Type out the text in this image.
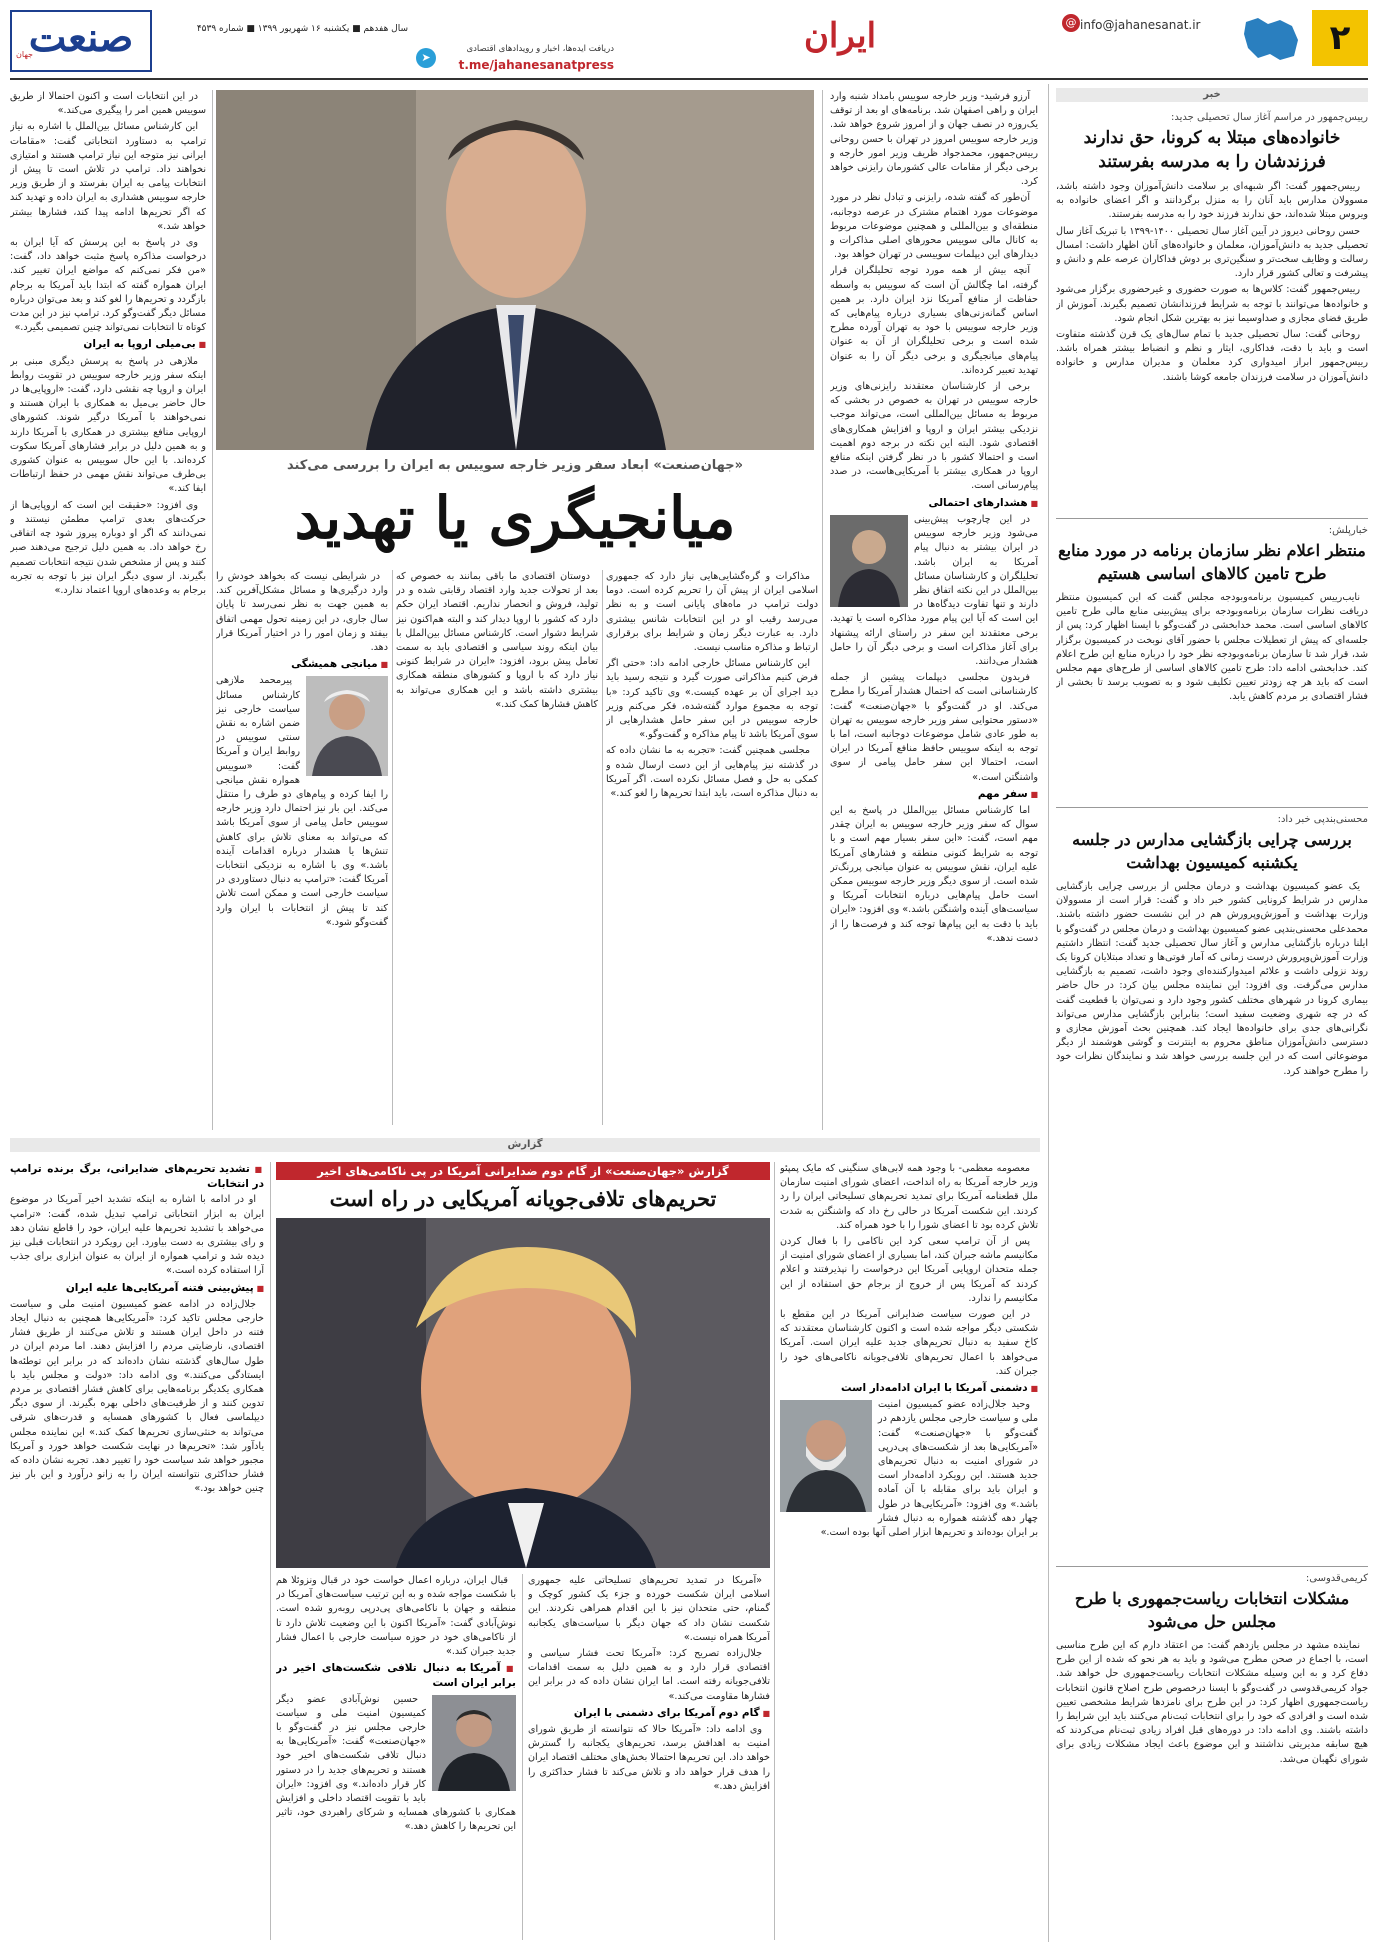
۲
info@jahanesanat.ir
@
ایران
دریافت ایده‌ها، اخبار و رویدادهای اقتصادی
t.me/jahanesanatpress
➤
سال هفدهم ■ یکشنبه ۱۶ شهریور ۱۳۹۹ ■ شماره ۴۵۳۹
صنعت
جهان
خبر
رییس‌جمهور در مراسم آغاز سال تحصیلی جدید:
خانواده‌های مبتلا به کرونا، حق ندارند فرزندشان را به مدرسه بفرستند

رییس‌جمهور گفت: اگر شبهه‌ای بر سلامت دانش‌آموزان وجود داشته باشد، مسوولان مدارس باید آنان را به منزل برگردانند و اگر اعضای خانواده به ویروس مبتلا شده‌اند، حق ندارند فرزند خود را به مدرسه بفرستند.

حسن روحانی دیروز در آیین آغاز سال تحصیلی ۱۴۰۰-۱۳۹۹ با تبریک آغاز سال تحصیلی جدید به دانش‌آموزان، معلمان و خانواده‌های آنان اظهار داشت: امسال رسالت و وظایف سخت‌تر و سنگین‌تری بر دوش فداکاران عرصه علم و دانش و پیشرفت و تعالی کشور قرار دارد.

رییس‌جمهور گفت: کلاس‌ها به صورت حضوری و غیرحضوری برگزار می‌شود و خانواده‌ها می‌توانند با توجه به شرایط فرزندانشان تصمیم بگیرند. آموزش از طریق فضای مجازی و صداوسیما نیز به بهترین شکل انجام شود.

روحانی گفت: سال تحصیلی جدید با تمام سال‌های یک قرن گذشته متفاوت است و باید با دقت، فداکاری، ایثار و نظم و انضباط بیشتر همراه باشد. رییس‌جمهور ابراز امیدواری کرد معلمان و مدیران مدارس و خانواده دانش‌آموزان در سلامت فرزندان جامعه کوشا باشند.

خبارپلش:
منتظر اعلام نظر سازمان برنامه در مورد منابع طرح تامین کالاهای اساسی هستیم

نایب‌رییس کمیسیون برنامه‌وبودجه مجلس گفت که این کمیسیون منتظر دریافت نظرات سازمان برنامه‌وبودجه برای پیش‌بینی منابع مالی طرح تامین کالاهای اساسی است. محمد خدابخشی در گفت‌وگو با ایسنا اظهار کرد: پس از جلسه‌ای که پیش از تعطیلات مجلس با حضور آقای نوبخت در کمیسیون برگزار شد، قرار شد تا سازمان برنامه‌وبودجه نظر خود را درباره منابع این طرح اعلام کند. خدابخشی ادامه داد: طرح تامین کالاهای اساسی از طرح‌های مهم مجلس است که باید هر چه زودتر تعیین تکلیف شود و به تصویب برسد تا بخشی از فشار اقتصادی بر مردم کاهش یابد.

محسنی‌بندپی خبر داد:
بررسی چرایی بازگشایی مدارس در جلسه یکشنبه کمیسیون بهداشت

یک عضو کمیسیون بهداشت و درمان مجلس از بررسی چرایی بازگشایی مدارس در شرایط کرونایی کشور خبر داد و گفت: قرار است از مسوولان وزارت بهداشت و آموزش‌وپرورش هم در این نشست حضور داشته باشند. محمدعلی محسنی‌بندپی عضو کمیسیون بهداشت و درمان مجلس در گفت‌وگو با ایلنا درباره بازگشایی مدارس و آغاز سال تحصیلی جدید گفت: انتظار داشتیم وزارت آموزش‌وپرورش درست زمانی که آمار فوتی‌ها و تعداد مبتلایان کرونا یک روند نزولی داشت و علائم امیدوارکننده‌ای وجود داشت، تصمیم به بازگشایی مدارس می‌گرفت. وی افزود: این نماینده مجلس بیان کرد: در حال حاضر بیماری کرونا در شهرهای مختلف کشور وجود دارد و نمی‌توان با قطعیت گفت که در چه شهری وضعیت سفید است؛ بنابراین بازگشایی مدارس می‌تواند نگرانی‌های جدی برای خانواده‌ها ایجاد کند. همچنین بحث آموزش مجازی و دسترسی دانش‌آموزان مناطق محروم به اینترنت و گوشی هوشمند از دیگر موضوعاتی است که در این جلسه بررسی خواهد شد و نمایندگان نظرات خود را مطرح خواهند کرد.

کریمی‌قدوسی:
مشکلات انتخابات ریاست‌جمهوری با طرح مجلس حل می‌شود

نماینده مشهد در مجلس یازدهم گفت: من اعتقاد دارم که این طرح مناسبی است، با اجماع در صحن مطرح می‌شود و باید به هر نحو که شده از این طرح دفاع کرد و به این وسیله مشکلات انتخابات ریاست‌جمهوری حل خواهد شد. جواد کریمی‌قدوسی در گفت‌وگو با ایسنا درخصوص طرح اصلاح قانون انتخابات ریاست‌جمهوری اظهار کرد: در این طرح برای نامزدها شرایط مشخصی تعیین شده است و افرادی که خود را برای انتخابات ثبت‌نام می‌کنند باید این شرایط را داشته باشند. وی ادامه داد: در دوره‌های قبل افراد زیادی ثبت‌نام می‌کردند که هیچ سابقه مدیریتی نداشتند و این موضوع باعث ایجاد مشکلات زیادی برای شورای نگهبان می‌شد.

آرزو فرشید- وزیر خارجه سوییس بامداد شنبه وارد ایران و راهی اصفهان شد. برنامه‌های او بعد از توقف یک‌روزه در نصف جهان و از امروز شروع خواهد شد. وزیر خارجه سوییس امروز در تهران با حسن روحانی رییس‌جمهور، محمدجواد ظریف وزیر امور خارجه و برخی دیگر از مقامات عالی کشورمان رایزنی خواهد کرد.

آن‌طور که گفته شده، رایزنی و تبادل نظر در مورد موضوعات مورد اهتمام مشترک در عرصه دوجانبه، منطقه‌ای و بین‌المللی و همچنین موضوعات مربوط به کانال مالی سوییس محورهای اصلی مذاکرات و دیدارهای این دیپلمات سوییسی در تهران خواهد بود.

آنچه بیش از همه مورد توجه تحلیلگران قرار گرفته، اما چگالش آن است که سوییس به واسطه حفاظت از منافع آمریکا نزد ایران دارد. بر همین اساس گمانه‌زنی‌های بسیاری درباره پیام‌هایی که وزیر خارجه سوییس با خود به تهران آورده مطرح شده است و برخی تحلیلگران از آن به عنوان پیام‌های میانجیگری و برخی دیگر آن را به عنوان تهدید تعبیر کرده‌اند.

برخی از کارشناسان معتقدند رایزنی‌های وزیر خارجه سوییس در تهران به خصوص در بخشی که مربوط به مسائل بین‌المللی است، می‌تواند موجب نزدیکی بیشتر ایران و اروپا و افزایش همکاری‌های اقتصادی شود. البته این نکته در برجه دوم اهمیت است و احتمالا کشور با در نظر گرفتن اینکه منافع اروپا در همکاری بیشتر با آمریکایی‌هاست، در صدد پیام‌رسانی است.

■ هشدارهای احتمالی

در این چارچوب پیش‌بینی می‌شود وزیر خارجه سوییس در ایران بیشتر به دنبال پیام آمریکا به ایران باشد. تحلیلگران و کارشناسان مسائل بین‌الملل در این نکته اتفاق نظر دارند و تنها تفاوت دیدگاه‌ها در این است که آیا این پیام مورد مذاکره است یا تهدید. برخی معتقدند این سفر در راستای ارائه پیشنهاد برای آغاز مذاکرات است و برخی دیگر آن را حامل هشدار می‌دانند.

فریدون مجلسی دیپلمات پیشین از جمله کارشناسانی است که احتمال هشدار آمریکا را مطرح می‌کند. او در گفت‌وگو با «جهان‌صنعت» گفت: «دستور محتوایی سفر وزیر خارجه سوییس به تهران به طور عادی شامل موضوعات دوجانبه است، اما با توجه به اینکه سوییس حافظ منافع آمریکا در ایران است، احتمالا این سفر حامل پیامی از سوی واشنگتن است.»

■ سفر مهم

اما کارشناس مسائل بین‌الملل در پاسخ به این سوال که سفر وزیر خارجه سوییس به ایران چقدر مهم است، گفت: «این سفر بسیار مهم است و با توجه به شرایط کنونی منطقه و فشارهای آمریکا علیه ایران، نقش سوییس به عنوان میانجی پررنگ‌تر شده است. از سوی دیگر وزیر خارجه سوییس ممکن است حامل پیام‌هایی درباره انتخابات آمریکا و سیاست‌های آینده واشنگتن باشد.» وی افزود: «ایران باید با دقت به این پیام‌ها توجه کند و فرصت‌ها را از دست ندهد.»

«جهان‌صنعت» ابعاد سفر وزیر خارجه سوییس به ایران را بررسی می‌کند
میانجیگری یا تهدید

مذاکرات و گره‌گشایی‌هایی نیاز دارد که جمهوری اسلامی ایران از پیش آن را تحریم کرده است. دوما دولت ترامپ در ماه‌های پایانی است و به نظر می‌رسد رقیب او در این انتخابات شانس بیشتری دارد. به عبارت دیگر زمان و شرایط برای برقراری ارتباط و مذاکره مناسب نیست.

این کارشناس مسائل خارجی ادامه داد: «حتی اگر فرض کنیم مذاکراتی صورت گیرد و نتیجه رسید باید دید اجرای آن بر عهده کیست.» وی تاکید کرد: «با توجه به مجموع موارد گفته‌شده، فکر می‌کنم وزیر خارجه سوییس در این سفر حامل هشدارهایی از سوی آمریکا باشد تا پیام مذاکره و گفت‌وگو.»

مجلسی همچنین گفت: «تجربه به ما نشان داده که در گذشته نیز پیام‌هایی از این دست ارسال شده و کمکی به حل و فصل مسائل نکرده است. اگر آمریکا به دنبال مذاکره است، باید ابتدا تحریم‌ها را لغو کند.»

دوستان اقتصادی ما باقی بمانند به خصوص که بعد از تحولات جدید وارد اقتصاد رقابتی شده و در تولید، فروش و انحصار نداریم. اقتصاد ایران حکم دارد که کشور با اروپا دیدار کند و البته هم‌اکنون نیز شرایط دشوار است. کارشناس مسائل بین‌الملل با بیان اینکه روند سیاسی و اقتصادی باید به سمت تعامل پیش برود، افزود: «ایران در شرایط کنونی نیاز دارد که با اروپا و کشورهای منطقه همکاری بیشتری داشته باشد و این همکاری می‌تواند به کاهش فشارها کمک کند.»

در شرایطی نیست که بخواهد خودش را وارد درگیری‌ها و مسائل مشکل‌آفرین کند. به همین جهت به نظر نمی‌رسد تا پایان سال جاری، در این زمینه تحول مهمی اتفاق بیفتد و زمان امور را در اختیار آمریکا قرار دهد.

■ میانجی همیشگی

پیرمحمد ملازهی کارشناس مسائل سیاست خارجی نیز ضمن اشاره به نقش سنتی سوییس در روابط ایران و آمریکا گفت: «سوییس همواره نقش میانجی را ایفا کرده و پیام‌های دو طرف را منتقل می‌کند. این بار نیز احتمال دارد وزیر خارجه سوییس حامل پیامی از سوی آمریکا باشد که می‌تواند به معنای تلاش برای کاهش تنش‌ها یا هشدار درباره اقدامات آینده باشد.» وی با اشاره به نزدیکی انتخابات آمریکا گفت: «ترامپ به دنبال دستاوردی در سیاست خارجی است و ممکن است تلاش کند تا پیش از انتخابات با ایران وارد گفت‌وگو شود.»

در این انتخابات است و اکنون احتمالا از طریق سوییس همین امر را پیگیری می‌کند.»

این کارشناس مسائل بین‌الملل با اشاره به نیاز ترامپ به دستاورد انتخاباتی گفت: «مقامات ایرانی نیز متوجه این نیاز ترامپ هستند و امتیازی نخواهند داد. ترامپ در تلاش است تا پیش از انتخابات پیامی به ایران بفرستد و از طریق وزیر خارجه سوییس هشداری به ایران داده و تهدید کند که اگر تحریم‌ها ادامه پیدا کند، فشارها بیشتر خواهد شد.»

وی در پاسخ به این پرسش که آیا ایران به درخواست مذاکره پاسخ مثبت خواهد داد، گفت: «من فکر نمی‌کنم که مواضع ایران تغییر کند. ایران همواره گفته که ابتدا باید آمریکا به برجام بازگردد و تحریم‌ها را لغو کند و بعد می‌توان درباره مسائل دیگر گفت‌وگو کرد. ترامپ نیز در این مدت کوتاه تا انتخابات نمی‌تواند چنین تصمیمی بگیرد.»

■ بی‌میلی اروپا به ایران

ملازهی در پاسخ به پرسش دیگری مبنی بر اینکه سفر وزیر خارجه سوییس در تقویت روابط ایران و اروپا چه نقشی دارد، گفت: «اروپایی‌ها در حال حاضر بی‌میل به همکاری با ایران هستند و نمی‌خواهند با آمریکا درگیر شوند. کشورهای اروپایی منافع بیشتری در همکاری با آمریکا دارند و به همین دلیل در برابر فشارهای آمریکا سکوت کرده‌اند. با این حال سوییس به عنوان کشوری بی‌طرف می‌تواند نقش مهمی در حفظ ارتباطات ایفا کند.»

وی افزود: «حقیقت این است که اروپایی‌ها از حرکت‌های بعدی ترامپ مطمئن نیستند و نمی‌دانند که اگر او دوباره پیروز شود چه اتفاقی رخ خواهد داد. به همین دلیل ترجیح می‌دهند صبر کنند و پس از مشخص شدن نتیجه انتخابات تصمیم بگیرند. از سوی دیگر ایران نیز با توجه به تجربه برجام به وعده‌های اروپا اعتماد ندارد.»

گزارش
گزارش «جهان‌صنعت» از گام دوم ضدایرانی آمریکا در پی ناکامی‌های اخیر
تحریم‌های تلافی‌جویانه آمریکایی در راه است

معصومه معظمی- با وجود همه لابی‌های سنگینی که مایک پمپئو وزیر خارجه آمریکا به راه انداخت، اعضای شورای امنیت سازمان ملل قطعنامه آمریکا برای تمدید تحریم‌های تسلیحاتی ایران را رد کردند. این شکست آمریکا در حالی رخ داد که واشنگتن به شدت تلاش کرده بود تا اعضای شورا را با خود همراه کند.

پس از آن ترامپ سعی کرد این ناکامی را با فعال کردن مکانیسم ماشه جبران کند، اما بسیاری از اعضای شورای امنیت از جمله متحدان اروپایی آمریکا این درخواست را نپذیرفتند و اعلام کردند که آمریکا پس از خروج از برجام حق استفاده از این مکانیسم را ندارد.

در این صورت سیاست ضدایرانی آمریکا در این مقطع با شکستی دیگر مواجه شده است و اکنون کارشناسان معتقدند که کاخ سفید به دنبال تحریم‌های جدید علیه ایران است. آمریکا می‌خواهد با اعمال تحریم‌های تلافی‌جویانه ناکامی‌های خود را جبران کند.

■ دشمنی آمریکا با ایران ادامه‌دار است

وحید جلال‌زاده عضو کمیسیون امنیت ملی و سیاست خارجی مجلس یازدهم در گفت‌وگو با «جهان‌صنعت» گفت: «آمریکایی‌ها بعد از شکست‌های پی‌درپی در شورای امنیت به دنبال تحریم‌های جدید هستند. این رویکرد ادامه‌دار است و ایران باید برای مقابله با آن آماده باشد.» وی افزود: «آمریکایی‌ها در طول چهار دهه گذشته همواره به دنبال فشار بر ایران بوده‌اند و تحریم‌ها ابزار اصلی آنها بوده است.»

«آمریکا در تمدید تحریم‌های تسلیحاتی علیه جمهوری اسلامی ایران شکست خورده و جزء یک کشور کوچک و گمنام، حتی متحدان نیز با این اقدام همراهی نکردند. این شکست نشان داد که جهان دیگر با سیاست‌های یکجانبه آمریکا همراه نیست.»

جلال‌زاده تصریح کرد: «آمریکا تحت فشار سیاسی و اقتصادی قرار دارد و به همین دلیل به سمت اقدامات تلافی‌جویانه رفته است. اما ایران نشان داده که در برابر این فشارها مقاومت می‌کند.»

■ گام دوم آمریکا برای دشمنی با ایران

وی ادامه داد: «آمریکا حالا که نتوانسته از طریق شورای امنیت به اهدافش برسد، تحریم‌های یکجانبه را گسترش خواهد داد. این تحریم‌ها احتمالا بخش‌های مختلف اقتصاد ایران را هدف قرار خواهد داد و تلاش می‌کند تا فشار حداکثری را افزایش دهد.»

قبال ایران، درباره اعمال خواست خود در قبال ونزوئلا هم با شکست مواجه شده و به این ترتیب سیاست‌های آمریکا در منطقه و جهان با ناکامی‌های پی‌درپی روبه‌رو شده است. نوش‌آبادی گفت: «آمریکا اکنون با این وضعیت تلاش دارد تا از ناکامی‌های خود در حوزه سیاست خارجی با اعمال فشار جدید جبران کند.»

■ آمریکا به دنبال تلافی شکست‌های اخیر در برابر ایران است

حسین نوش‌آبادی عضو دیگر کمیسیون امنیت ملی و سیاست خارجی مجلس نیز در گفت‌وگو با «جهان‌صنعت» گفت: «آمریکایی‌ها به دنبال تلافی شکست‌های اخیر خود هستند و تحریم‌های جدید را در دستور کار قرار داده‌اند.» وی افزود: «ایران باید با تقویت اقتصاد داخلی و افزایش همکاری با کشورهای همسایه و شرکای راهبردی خود، تاثیر این تحریم‌ها را کاهش دهد.»

■ تشدید تحریم‌های ضدایرانی، برگ برنده ترامپ در انتخابات

او در ادامه با اشاره به اینکه تشدید اخیر آمریکا در موضوع ایران به ابزار انتخاباتی ترامپ تبدیل شده، گفت: «ترامپ می‌خواهد با تشدید تحریم‌ها علیه ایران، خود را قاطع نشان دهد و رای بیشتری به دست بیاورد. این رویکرد در انتخابات قبلی نیز دیده شد و ترامپ همواره از ایران به عنوان ابزاری برای جذب آرا استفاده کرده است.»

■ پیش‌بینی فتنه آمریکایی‌ها علیه ایران

جلال‌زاده در ادامه عضو کمیسیون امنیت ملی و سیاست خارجی مجلس تاکید کرد: «آمریکایی‌ها همچنین به دنبال ایجاد فتنه در داخل ایران هستند و تلاش می‌کنند از طریق فشار اقتصادی، نارضایتی مردم را افزایش دهند. اما مردم ایران در طول سال‌های گذشته نشان داده‌اند که در برابر این توطئه‌ها ایستادگی می‌کنند.» وی ادامه داد: «دولت و مجلس باید با همکاری یکدیگر برنامه‌هایی برای کاهش فشار اقتصادی بر مردم تدوین کنند و از ظرفیت‌های داخلی بهره بگیرند. از سوی دیگر دیپلماسی فعال با کشورهای همسایه و قدرت‌های شرقی می‌تواند به خنثی‌سازی تحریم‌ها کمک کند.» این نماینده مجلس یادآور شد: «تحریم‌ها در نهایت شکست خواهد خورد و آمریکا مجبور خواهد شد سیاست خود را تغییر دهد. تجربه نشان داده که فشار حداکثری نتوانسته ایران را به زانو درآورد و این بار نیز چنین خواهد بود.»
